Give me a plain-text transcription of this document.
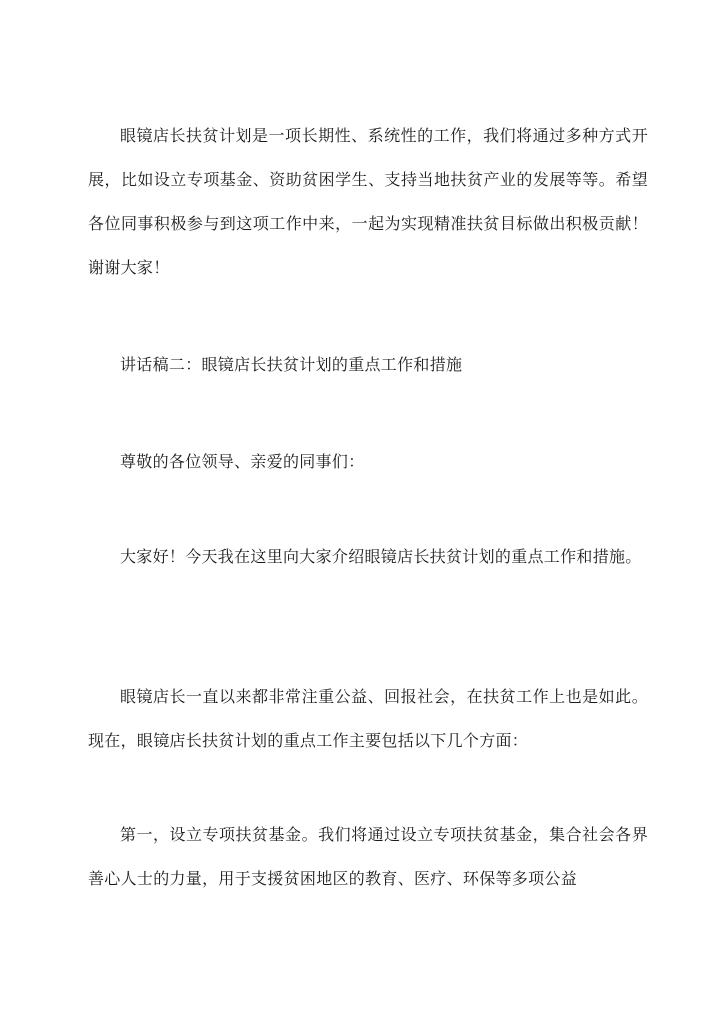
眼镜店长扶贫计划是一项长期性、系统性的工作，我们将通过多种方式开展，比如设立专项基金、资助贫困学生、支持当地扶贫产业的发展等等。希望各位同事积极参与到这项工作中来，一起为实现精准扶贫目标做出积极贡献！谢谢大家！

讲话稿二：眼镜店长扶贫计划的重点工作和措施

尊敬的各位领导、亲爱的同事们：

大家好！今天我在这里向大家介绍眼镜店长扶贫计划的重点工作和措施。

眼镜店长一直以来都非常注重公益、回报社会，在扶贫工作上也是如此。现在，眼镜店长扶贫计划的重点工作主要包括以下几个方面：

第一，设立专项扶贫基金。我们将通过设立专项扶贫基金，集合社会各界善心人士的力量，用于支援贫困地区的教育、医疗、环保等多项公益
